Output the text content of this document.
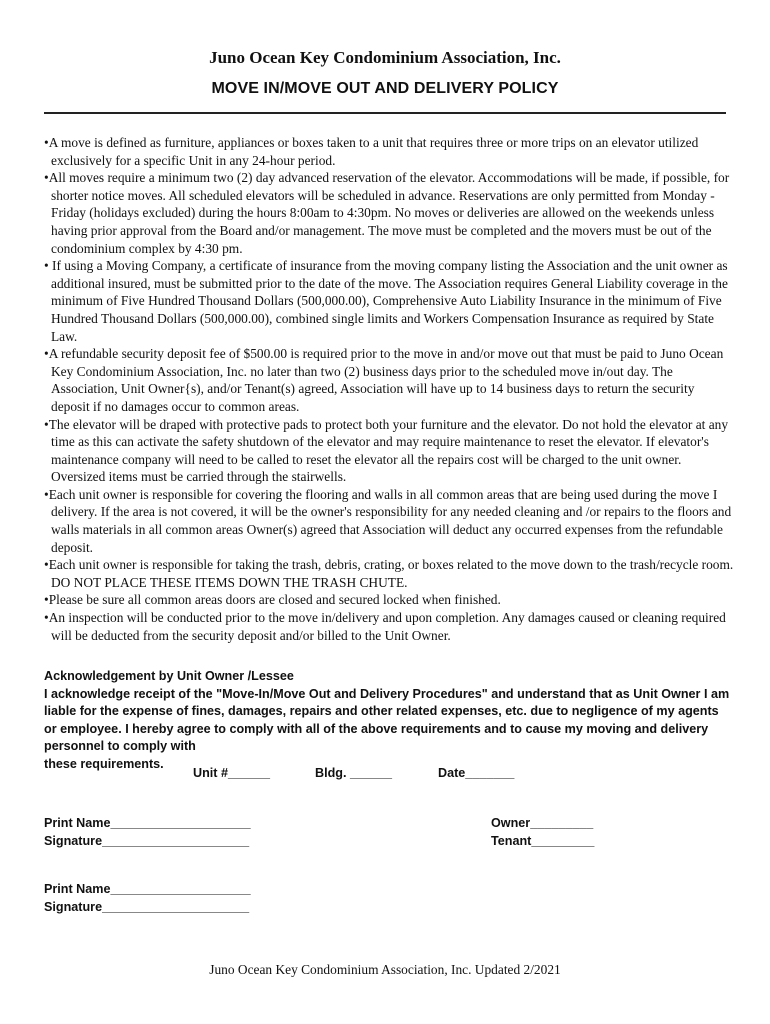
Juno Ocean Key Condominium Association, Inc.
MOVE IN/MOVE OUT AND DELIVERY POLICY

•A move is defined as furniture, appliances or boxes taken to a unit that requires three or more trips on an elevator utilized exclusively for a specific Unit in any 24-hour period.

•All moves require a minimum two (2) day advanced reservation of the elevator. Accommodations will be made, if possible, for shorter notice moves. All scheduled elevators will be scheduled in advance. Reservations are only permitted from Monday -Friday (holidays excluded) during the hours 8:00am to 4:30pm. No moves or deliveries are allowed on the weekends unless having prior approval from the Board and/or management. The move must be completed and the movers must be out of the condominium complex by 4:30 pm.

• If using a Moving Company, a certificate of insurance from the moving company listing the Association and the unit owner as additional insured, must be submitted prior to the date of the move. The Association requires General Liability coverage in the minimum of Five Hundred Thousand Dollars (500,000.00), Comprehensive Auto Liability Insurance in the minimum of Five Hundred Thousand Dollars (500,000.00), combined single limits and Workers Compensation Insurance as required by State Law.

•A refundable security deposit fee of $500.00 is required prior to the move in and/or move out that must be paid to Juno Ocean Key Condominium Association, Inc. no later than two (2) business days prior to the scheduled move in/out day. The Association, Unit Owner{s), and/or Tenant(s) agreed, Association will have up to 14 business days to return the security deposit if no damages occur to common areas.

•The elevator will be draped with protective pads to protect both your furniture and the elevator. Do not hold the elevator at any time as this can activate the safety shutdown of the elevator and may require maintenance to reset the elevator. If elevator's maintenance company will need to be called to reset the elevator all the repairs cost will be charged to the unit owner. Oversized items must be carried through the stairwells.

•Each unit owner is responsible for covering the flooring and walls in all common areas that are being used during the move I delivery. If the area is not covered, it will be the owner's responsibility for any needed cleaning and /or repairs to the floors and walls materials in all common areas Owner(s) agreed that Association will deduct any occurred expenses from the refundable deposit.

•Each unit owner is responsible for taking the trash, debris, crating, or boxes related to the move down to the trash/recycle room. DO NOT PLACE THESE ITEMS DOWN THE TRASH CHUTE.

•Please be sure all common areas doors are closed and secured locked when finished.

•An inspection will be conducted prior to the move in/delivery and upon completion. Any damages caused or cleaning required will be deducted from the security deposit and/or billed to the Unit Owner.

Acknowledgement by Unit Owner /Lessee

I acknowledge receipt of the "Move-In/Move Out and Delivery Procedures" and understand that as Unit Owner I am liable for the expense of fines, damages, repairs and other related expenses, etc. due to negligence of my agents or employee. I hereby agree to comply with all of the above requirements and to cause my moving and delivery personnel to comply with

these requirements.

Unit #______	Bldg. ______	Date_______
Print Name____________________
Signature_____________________
Owner_________
Tenant_________
Print Name____________________
Signature_____________________
Juno Ocean Key Condominium Association, Inc. Updated 2/2021
